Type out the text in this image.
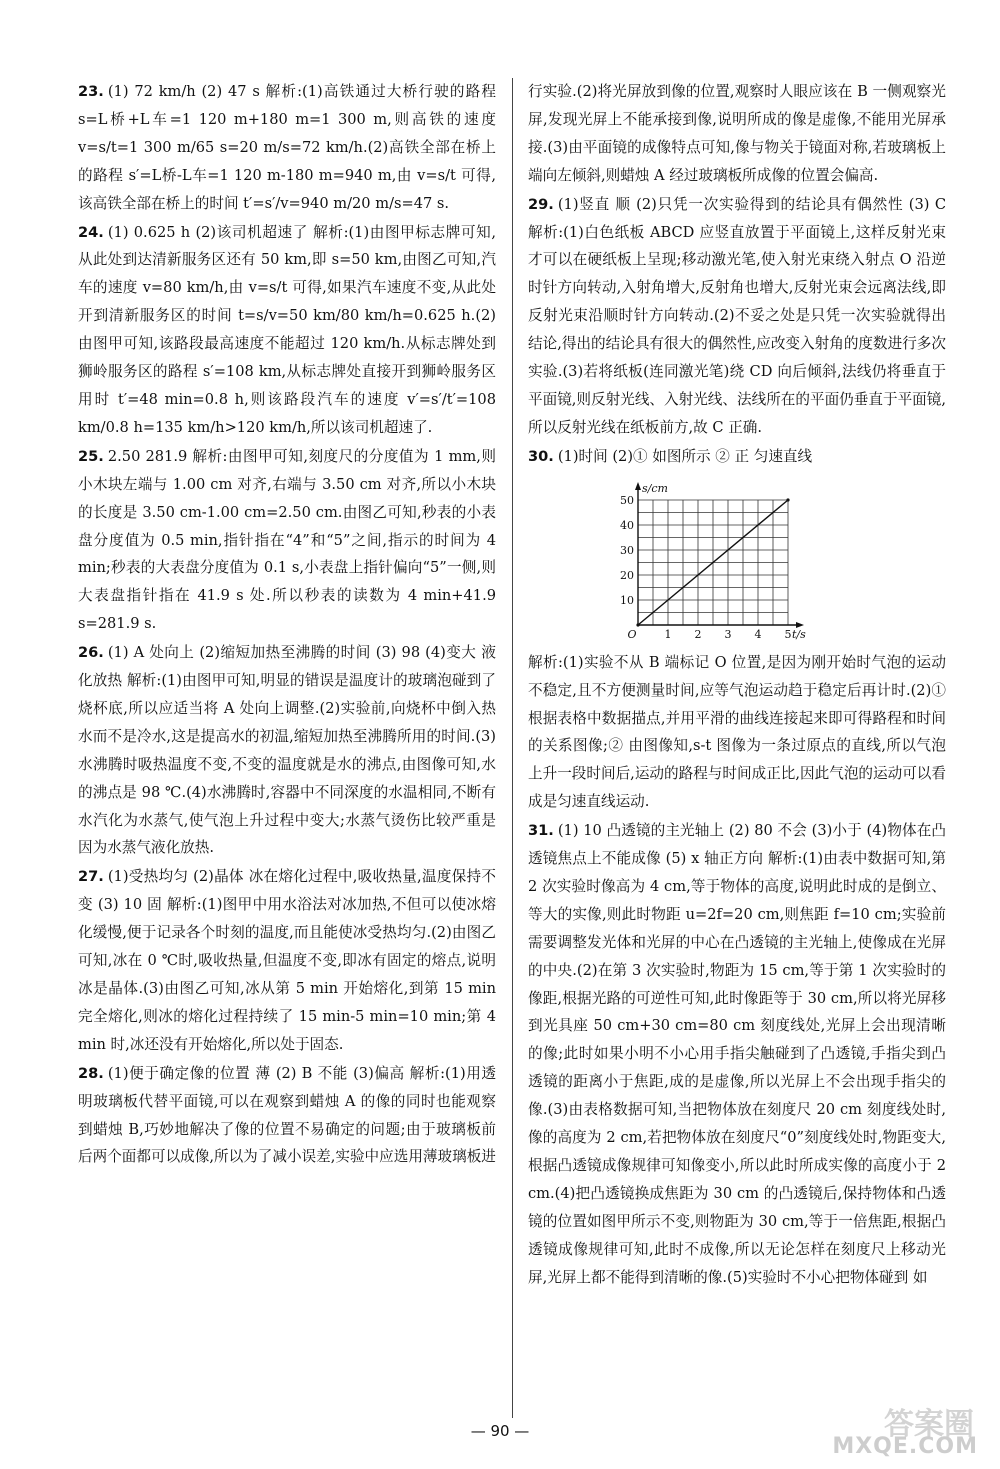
23. (1) 72 km/h (2) 47 s 解析:(1)高铁通过大桥行驶的路程 s=L桥+L车=1 120 m+180 m=1 300 m,则高铁的速度 v=s/t=1 300 m/65 s=20 m/s=72 km/h.(2)高铁全部在桥上的路程 s′=L桥-L车=1 120 m-180 m=940 m,由 v=s/t 可得,该高铁全部在桥上的时间 t′=s′/v=940 m/20 m/s=47 s.

24. (1) 0.625 h (2)该司机超速了 解析:(1)由图甲标志牌可知,从此处到达清新服务区还有 50 km,即 s=50 km,由图乙可知,汽车的速度 v=80 km/h,由 v=s/t 可得,如果汽车速度不变,从此处开到清新服务区的时间 t=s/v=50 km/80 km/h=0.625 h.(2)由图甲可知,该路段最高速度不能超过 120 km/h.从标志牌处到狮岭服务区的路程 s′=108 km,从标志牌处直接开到狮岭服务区用时 t′=48 min=0.8 h,则该路段汽车的速度 v′=s′/t′=108 km/0.8 h=135 km/h>120 km/h,所以该司机超速了.

25. 2.50 281.9 解析:由图甲可知,刻度尺的分度值为 1 mm,则小木块左端与 1.00 cm 对齐,右端与 3.50 cm 对齐,所以小木块的长度是 3.50 cm-1.00 cm=2.50 cm.由图乙可知,秒表的小表盘分度值为 0.5 min,指针指在“4”和“5”之间,指示的时间为 4 min;秒表的大表盘分度值为 0.1 s,小表盘上指针偏向“5”一侧,则大表盘指针指在 41.9 s 处.所以秒表的读数为 4 min+41.9 s=281.9 s.

26. (1) A 处向上 (2)缩短加热至沸腾的时间 (3) 98 (4)变大 液化放热 解析:(1)由图甲可知,明显的错误是温度计的玻璃泡碰到了烧杯底,所以应适当将 A 处向上调整.(2)实验前,向烧杯中倒入热水而不是冷水,这是提高水的初温,缩短加热至沸腾所用的时间.(3)水沸腾时吸热温度不变,不变的温度就是水的沸点,由图像可知,水的沸点是 98 ℃.(4)水沸腾时,容器中不同深度的水温相同,不断有水汽化为水蒸气,使气泡上升过程中变大;水蒸气烫伤比较严重是因为水蒸气液化放热.

27. (1)受热均匀 (2)晶体 冰在熔化过程中,吸收热量,温度保持不变 (3) 10 固 解析:(1)图甲中用水浴法对冰加热,不但可以使冰熔化缓慢,便于记录各个时刻的温度,而且能使冰受热均匀.(2)由图乙可知,冰在 0 ℃时,吸收热量,但温度不变,即冰有固定的熔点,说明冰是晶体.(3)由图乙可知,冰从第 5 min 开始熔化,到第 15 min 完全熔化,则冰的熔化过程持续了 15 min-5 min=10 min;第 4 min 时,冰还没有开始熔化,所以处于固态.

28. (1)便于确定像的位置 薄 (2) B 不能 (3)偏高 解析:(1)用透明玻璃板代替平面镜,可以在观察到蜡烛 A 的像的同时也能观察到蜡烛 B,巧妙地解决了像的位置不易确定的问题;由于玻璃板前后两个面都可以成像,所以为了减小误差,实验中应选用薄玻璃板进

行实验.(2)将光屏放到像的位置,观察时人眼应该在 B 一侧观察光屏,发现光屏上不能承接到像,说明所成的像是虚像,不能用光屏承接.(3)由平面镜的成像特点可知,像与物关于镜面对称,若玻璃板上端向左倾斜,则蜡烛 A 经过玻璃板所成像的位置会偏高.

29. (1)竖直 顺 (2)只凭一次实验得到的结论具有偶然性 (3) C 解析:(1)白色纸板 ABCD 应竖直放置于平面镜上,这样反射光束才可以在硬纸板上呈现;移动激光笔,使入射光束绕入射点 O 沿逆时针方向转动,入射角增大,反射角也增大,反射光束会远离法线,即反射光束沿顺时针方向转动.(2)不妥之处是只凭一次实验就得出结论,得出的结论具有很大的偶然性,应改变入射角的度数进行多次实验.(3)若将纸板(连同激光笔)绕 CD 向后倾斜,法线仍将垂直于平面镜,则反射光线、入射光线、法线所在的平面仍垂直于平面镜,所以反射光线在纸板前方,故 C 正确.

30. (1)时间 (2)① 如图所示 ② 正 匀速直线

1 2 3 4 5
10
20
30
40
50
O
s/cm
t/s

解析:(1)实验不从 B 端标记 O 位置,是因为刚开始时气泡的运动不稳定,且不方便测量时间,应等气泡运动趋于稳定后再计时.(2)① 根据表格中数据描点,并用平滑的曲线连接起来即可得路程和时间的关系图像;② 由图像知,s-t 图像为一条过原点的直线,所以气泡上升一段时间后,运动的路程与时间成正比,因此气泡的运动可以看成是匀速直线运动.

31. (1) 10 凸透镜的主光轴上 (2) 80 不会 (3)小于 (4)物体在凸透镜焦点上不能成像 (5) x 轴正方向 解析:(1)由表中数据可知,第 2 次实验时像高为 4 cm,等于物体的高度,说明此时成的是倒立、等大的实像,则此时物距 u=2f=20 cm,则焦距 f=10 cm;实验前需要调整发光体和光屏的中心在凸透镜的主光轴上,使像成在光屏的中央.(2)在第 3 次实验时,物距为 15 cm,等于第 1 次实验时的像距,根据光路的可逆性可知,此时像距等于 30 cm,所以将光屏移到光具座 50 cm+30 cm=80 cm 刻度线处,光屏上会出现清晰的像;此时如果小明不小心用手指尖触碰到了凸透镜,手指尖到凸透镜的距离小于焦距,成的是虚像,所以光屏上不会出现手指尖的像.(3)由表格数据可知,当把物体放在刻度尺 20 cm 刻度线处时,像的高度为 2 cm,若把物体放在刻度尺“0”刻度线处时,物距变大,根据凸透镜成像规律可知像变小,所以此时所成实像的高度小于 2 cm.(4)把凸透镜换成焦距为 30 cm 的凸透镜后,保持物体和凸透镜的位置如图甲所示不变,则物距为 30 cm,等于一倍焦距,根据凸透镜成像规律可知,此时不成像,所以无论怎样在刻度尺上移动光屏,光屏上都不能得到清晰的像.(5)实验时不小心把物体碰到 如

— 90 —	答案圈
MXQE.COM
